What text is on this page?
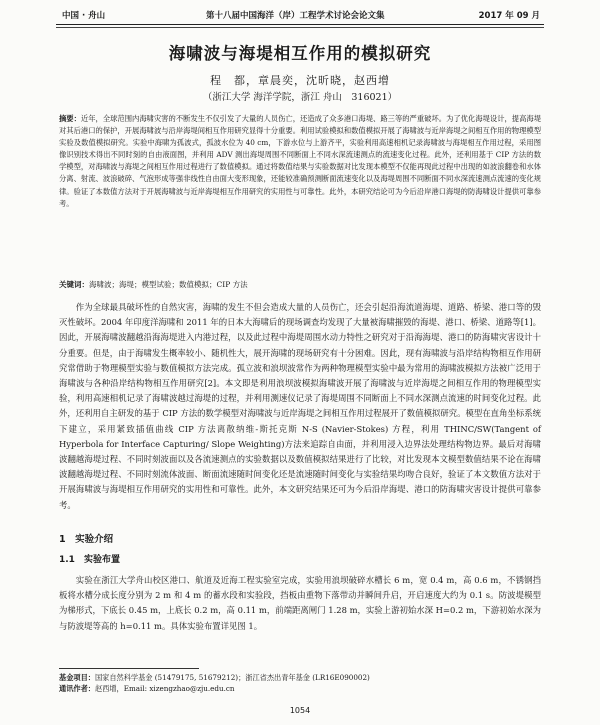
中国 · 舟山	第十八届中国海洋（岸）工程学术讨论会论文集	2017 年 09 月
海啸波与海堤相互作用的模拟研究
程　都，章晨奕，沈昕晓，赵西增
（浙江大学 海洋学院，浙江 舟山　316021）

摘要：近年，全球范围内海啸灾害的不断发生不仅引发了大量的人员伤亡，还造成了众多港口海堤、路三等的严重破坏。为了优化海堤设计，提高海堤对其后港口的保护，开展海啸波与沿岸海堤间相互作用研究显得十分重要。利用试验模拟和数值模拟开展了海啸波与近岸海堤之间相互作用的物理模型实验及数值模拟研究。实验中海啸为孤波式，孤波水位为 40 cm，下游水位与上游齐平，实验利用高速相机记录海啸波与海堤相互作用过程，采用图像识别技术得出不同时刻的自由液面图，并利用 ADV 测出海堤周围不同断面上不同水深流速测点的流速变化过程。此外，还利用基于 CIP 方法的数学模型，对海啸波与海堤之间相互作用过程进行了数值模拟。通过将数值结果与实验数据对比发现本模型不仅能再现此过程中出现的如波浪翻卷和水体分离、射流、波浪破碎、气泡形成等强非线性自由面大变形现象，还能较准确预测断面流速变化以及海堤周围不同断面不同水深流速测点流速的变化规律。验证了本数值方法对于开展海啸波与近岸海堤相互作用研究的实用性与可靠性。此外，本研究结论可为今后沿岸港口海堤的防海啸设计提供可靠参考。

关键词：海啸波；海堤；模型试验；数值模拟；CIP 方法

作为全球最具破坏性的自然灾害，海啸的发生不但会造成大量的人员伤亡，还会引起沿海流道海堤、道路、桥梁、港口等的毁灭性破坏。2004 年印度洋海啸和 2011 年的日本大海啸后的现场调查均发现了大量被海啸摧毁的海堤、港口、桥梁、道路等[1]。因此，开展海啸波翻越沿海海堤进入内港过程，以及此过程中海堤周围水动力特性之研究对于沿海海堤、港口的防海啸灾害设计十分重要。但是，由于海啸发生概率较小、随机性大，展开海啸的现场研究有十分困难。因此，现有海啸波与沿岸结构物相互作用研究常借助于物理模型实验与数值模拟方法完成。孤立波和浪坝波常作为两种物理模型实验中最为常用的海啸波模拟方法被广泛用于海啸波与各种沿岸结构物相互作用研究[2]。本文即是利用浪坝波模拟海啸波开展了海啸波与近岸海堤之间相互作用的物理模型实验，利用高速相机记录了海啸波越过海堤的过程，并利用测速仪记录了海堤周围不同断面上不同水深测点流速的时间变化过程。此外，还利用自主研发的基于 CIP 方法的数学模型对海啸波与近岸海堤之间相互作用过程展开了数值模拟研究。模型在直角坐标系统下建立，采用紧致插值曲线 CIP 方法离散纳维-斯托克斯 N-S (Navier-Stokes) 方程，利用 THINC/SW(Tangent of Hyperbola for Interface Capturing/ Slope Weighting)方法来追踪自由面，并利用浸入边界法处理结构物边界。最后对海啸波翻越海堤过程、不同时刻波面以及各流速测点的实验数据以及数值模拟结果进行了比较，对比发现本文模型数值结果不论在海啸波翻越海堤过程、不同时刻流体波面、断面流速随时间变化还是流速随时间变化与实验结果均吻合良好，验证了本文数值方法对于开展海啸波与海堤相互作用研究的实用性和可靠性。此外，本文研究结果还可为今后沿岸海堤、港口的防海啸灾害设计提供可靠参考。

1　实验介绍
1.1　实验布置

实验在浙江大学舟山校区港口、航道及近海工程实验室完成，实验用浪坝破碎水槽长 6 m，宽 0.4 m，高 0.6 m，不锈钢挡板将水槽分成长度分别为 2 m 和 4 m 的蓄水段和实验段，挡板由重物下落带动并瞬间升启，开启速度大约为 0.1 s。防波堤模型为梯形式，下底长 0.45 m，上底长 0.2 m，高 0.11 m，前端距离闸门 1.28 m，实验上游初始水深 H=0.2 m，下游初始水深为与防波堤等高的 h=0.11 m。具体实验布置详见图 1。

基金项目：国家自然科学基金 (51479175, 51679212)；浙江省杰出青年基金 (LR16E090002)
通讯作者：赵西增，Email: xizengzhao@zju.edu.cn
1054
